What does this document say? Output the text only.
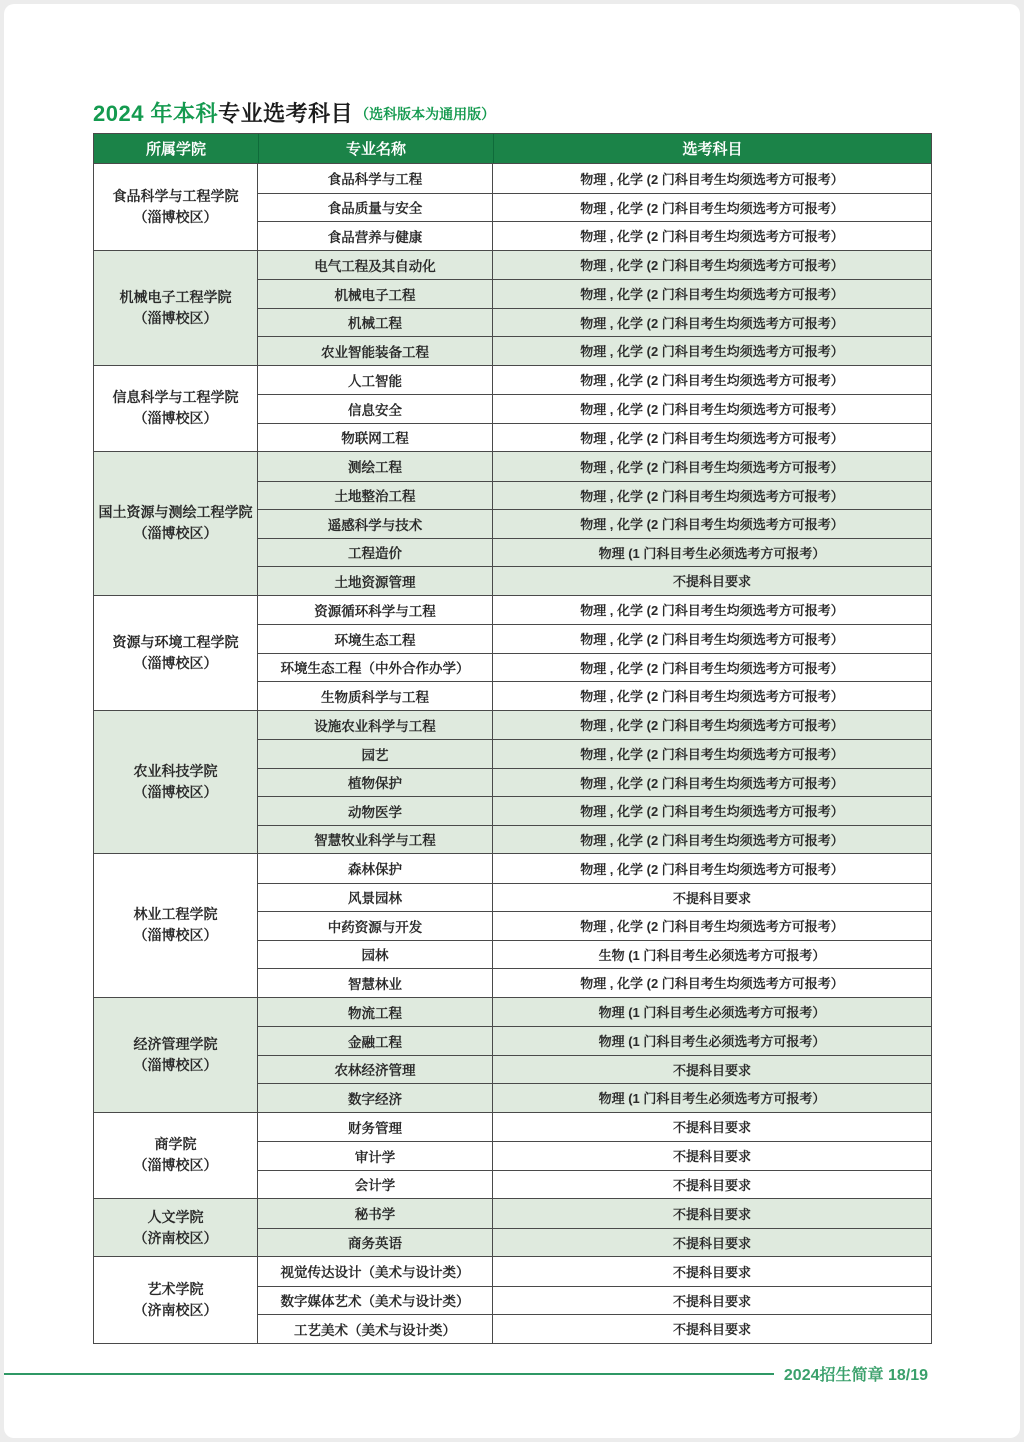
2024 年本科专业选考科目 （选科版本为通用版）
所属学院	专业名称	选考科目
食品科学与工程学院
（淄博校区）
食品科学与工程	物理 , 化学 (2 门科目考生均须选考方可报考）
食品质量与安全	物理 , 化学 (2 门科目考生均须选考方可报考）
食品营养与健康	物理 , 化学 (2 门科目考生均须选考方可报考）
机械电子工程学院
（淄博校区）
电气工程及其自动化	物理 , 化学 (2 门科目考生均须选考方可报考）
机械电子工程	物理 , 化学 (2 门科目考生均须选考方可报考）
机械工程	物理 , 化学 (2 门科目考生均须选考方可报考）
农业智能装备工程	物理 , 化学 (2 门科目考生均须选考方可报考）
信息科学与工程学院
（淄博校区）
人工智能	物理 , 化学 (2 门科目考生均须选考方可报考）
信息安全	物理 , 化学 (2 门科目考生均须选考方可报考）
物联网工程	物理 , 化学 (2 门科目考生均须选考方可报考）
国土资源与测绘工程学院
（淄博校区）
测绘工程	物理 , 化学 (2 门科目考生均须选考方可报考）
土地整治工程	物理 , 化学 (2 门科目考生均须选考方可报考）
遥感科学与技术	物理 , 化学 (2 门科目考生均须选考方可报考）
工程造价	物理 (1 门科目考生必须选考方可报考）
土地资源管理	不提科目要求
资源与环境工程学院
（淄博校区）
资源循环科学与工程	物理 , 化学 (2 门科目考生均须选考方可报考）
环境生态工程	物理 , 化学 (2 门科目考生均须选考方可报考）
环境生态工程（中外合作办学）	物理 , 化学 (2 门科目考生均须选考方可报考）
生物质科学与工程	物理 , 化学 (2 门科目考生均须选考方可报考）
农业科技学院
（淄博校区）
设施农业科学与工程	物理 , 化学 (2 门科目考生均须选考方可报考）
园艺	物理 , 化学 (2 门科目考生均须选考方可报考）
植物保护	物理 , 化学 (2 门科目考生均须选考方可报考）
动物医学	物理 , 化学 (2 门科目考生均须选考方可报考）
智慧牧业科学与工程	物理 , 化学 (2 门科目考生均须选考方可报考）
林业工程学院
（淄博校区）
森林保护	物理 , 化学 (2 门科目考生均须选考方可报考）
风景园林	不提科目要求
中药资源与开发	物理 , 化学 (2 门科目考生均须选考方可报考）
园林	生物 (1 门科目考生必须选考方可报考）
智慧林业	物理 , 化学 (2 门科目考生均须选考方可报考）
经济管理学院
（淄博校区）
物流工程	物理 (1 门科目考生必须选考方可报考）
金融工程	物理 (1 门科目考生必须选考方可报考）
农林经济管理	不提科目要求
数字经济	物理 (1 门科目考生必须选考方可报考）
商学院
（淄博校区）
财务管理	不提科目要求
审计学	不提科目要求
会计学	不提科目要求
人文学院
（济南校区）
秘书学	不提科目要求
商务英语	不提科目要求
艺术学院
（济南校区）
视觉传达设计（美术与设计类）	不提科目要求
数字媒体艺术（美术与设计类）	不提科目要求
工艺美术（美术与设计类）	不提科目要求
2024招生简章 18/19
